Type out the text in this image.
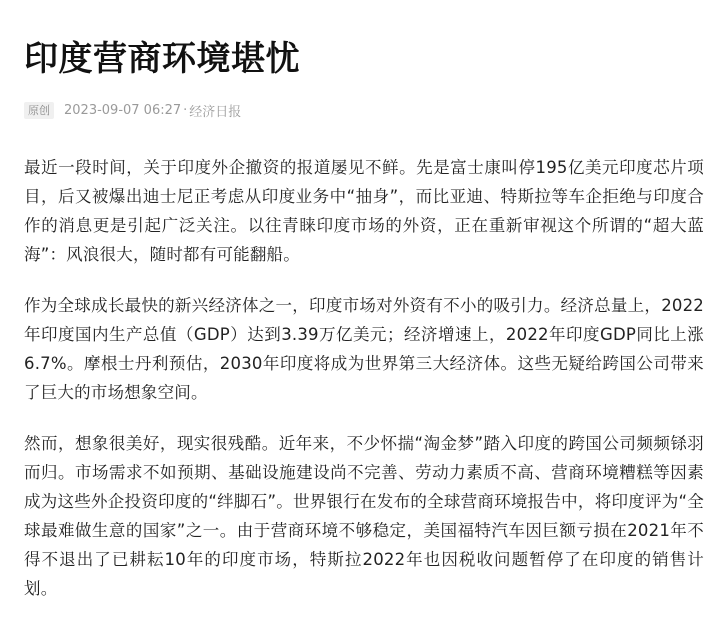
印度营商环境堪忧
原创	2023-09-07 06:27 · 经济日报

最近一段时间，关于印度外企撤资的报道屡见不鲜。先是富士康叫停195亿美元印度芯片项目，后又被爆出迪士尼正考虑从印度业务中“抽身”，而比亚迪、特斯拉等车企拒绝与印度合作的消息更是引起广泛关注。以往青睐印度市场的外资，正在重新审视这个所谓的“超大蓝海”：风浪很大，随时都有可能翻船。

作为全球成长最快的新兴经济体之一，印度市场对外资有不小的吸引力。经济总量上，2022年印度国内生产总值（GDP）达到3.39万亿美元；经济增速上，2022年印度GDP同比上涨6.7%。摩根士丹利预估，2030年印度将成为世界第三大经济体。这些无疑给跨国公司带来了巨大的市场想象空间。

然而，想象很美好，现实很残酷。近年来，不少怀揣“淘金梦”踏入印度的跨国公司频频铩羽而归。市场需求不如预期、基础设施建设尚不完善、劳动力素质不高、营商环境糟糕等因素成为这些外企投资印度的“绊脚石”。世界银行在发布的全球营商环境报告中，将印度评为“全球最难做生意的国家”之一。由于营商环境不够稳定，美国福特汽车因巨额亏损在2021年不得不退出了已耕耘10年的印度市场，特斯拉2022年也因税收问题暂停了在印度的销售计划。
